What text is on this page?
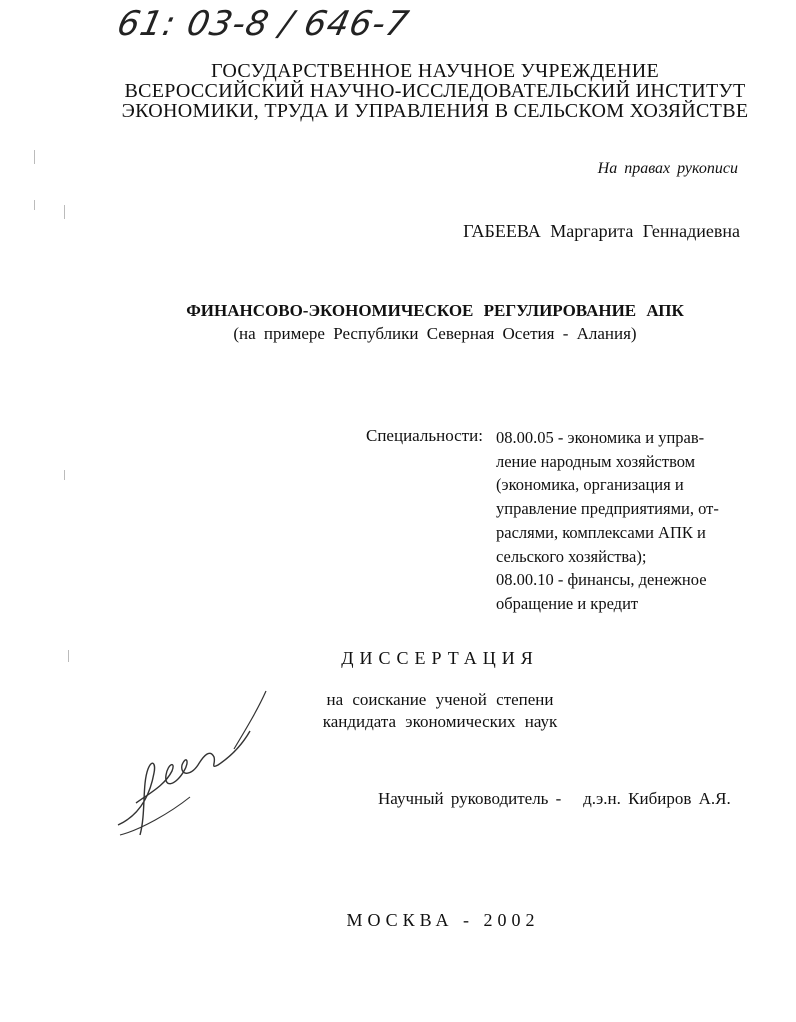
61: 03-8 / 646-7
ГОСУДАРСТВЕННОЕ НАУЧНОЕ УЧРЕЖДЕНИЕ
ВСЕРОССИЙСКИЙ НАУЧНО-ИССЛЕДОВАТЕЛЬСКИЙ ИНСТИТУТ
ЭКОНОМИКИ, ТРУДА И УПРАВЛЕНИЯ В СЕЛЬСКОМ ХОЗЯЙСТВЕ
На правах рукописи
ГАБЕЕВА Маргарита Геннадиевна
ФИНАНСОВО-ЭКОНОМИЧЕСКОЕ РЕГУЛИРОВАНИЕ АПК
(на примере Республики Северная Осетия - Алания)
Специальности: 08.00.05 - экономика и управ-
ление народным хозяйством
(экономика, организация и
управление предприятиями, от-
раслями, комплексами АПК и
сельского хозяйства);
08.00.10 - финансы, денежное
обращение и кредит
ДИССЕРТАЦИЯ
на соискание ученой степени
кандидата экономических наук
Научный руководитель - д.э.н. Кибиров А.Я.
МОСКВА - 2002
